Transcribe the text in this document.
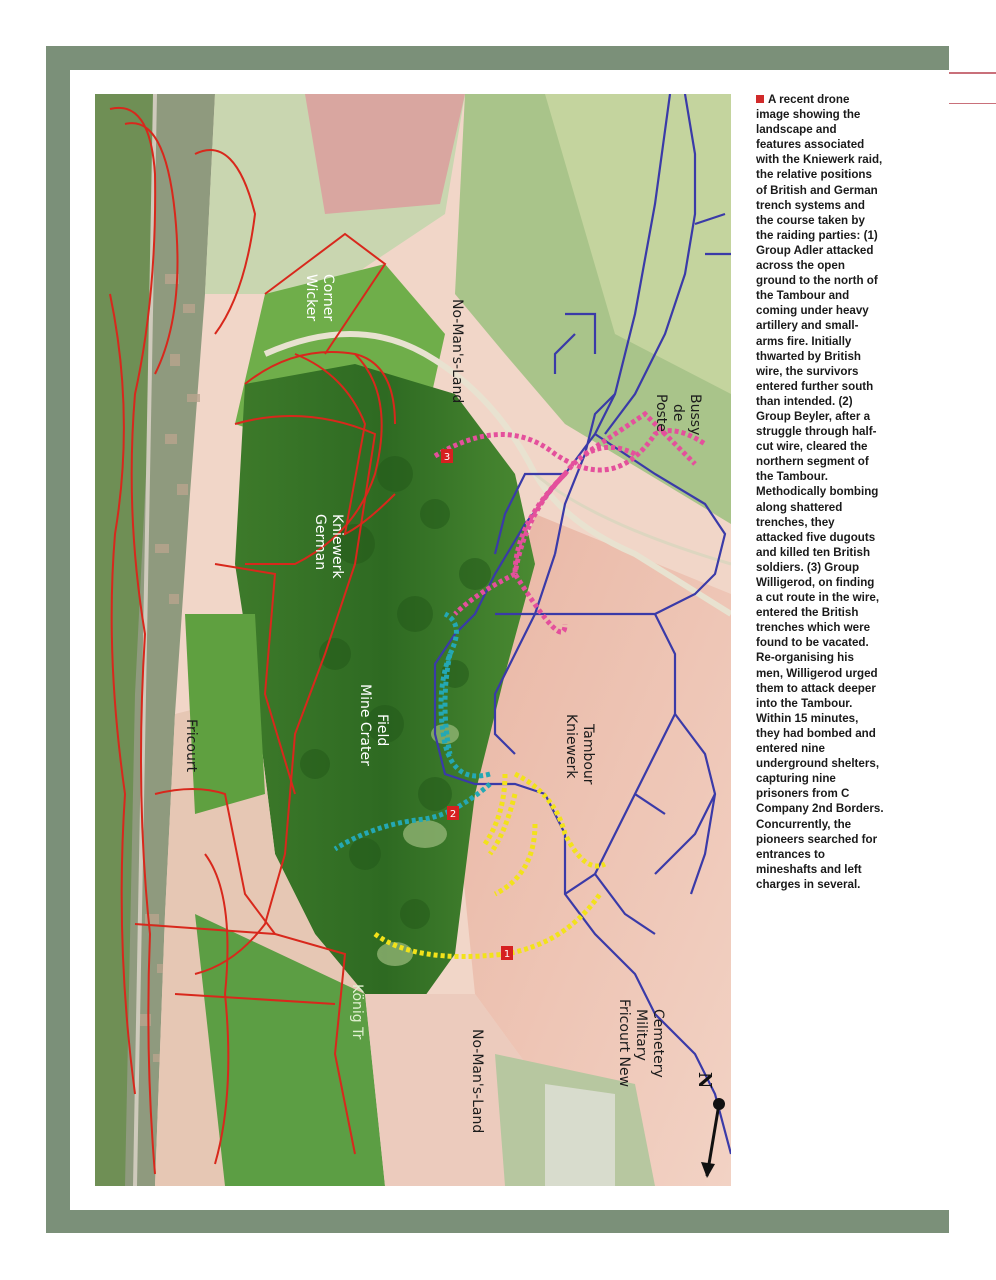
1
2
3
Wicker Corner
No-Man's-Land
Poste de Bussy
German Kniewerk
Mine Crater Field
Fricourt	Kniewerk Tambour
König Tr
No-Man's-Land	Fricourt New Military Cemetery
N
A recent drone image showing the landscape and features associated with the Kniewerk raid, the relative positions of British and German trench systems and the course taken by the raiding parties: (1) Group Adler attacked across the open ground to the north of the Tambour and coming under heavy artillery and small-arms fire. Initially thwarted by British wire, the survivors entered further south than intended. (2) Group Beyler, after a struggle through half-cut wire, cleared the northern segment of the Tambour. Methodically bombing along shattered trenches, they attacked five dugouts and killed ten British soldiers. (3) Group Willigerod, on finding a cut route in the wire, entered the British trenches which were found to be vacated. Re-organising his men, Willigerod urged them to attack deeper into the Tambour. Within 15 minutes, they had bombed and entered nine underground shelters, capturing nine prisoners from C Company 2nd Borders. Concurrently, the pioneers searched for entrances to mineshafts and left charges in several.
